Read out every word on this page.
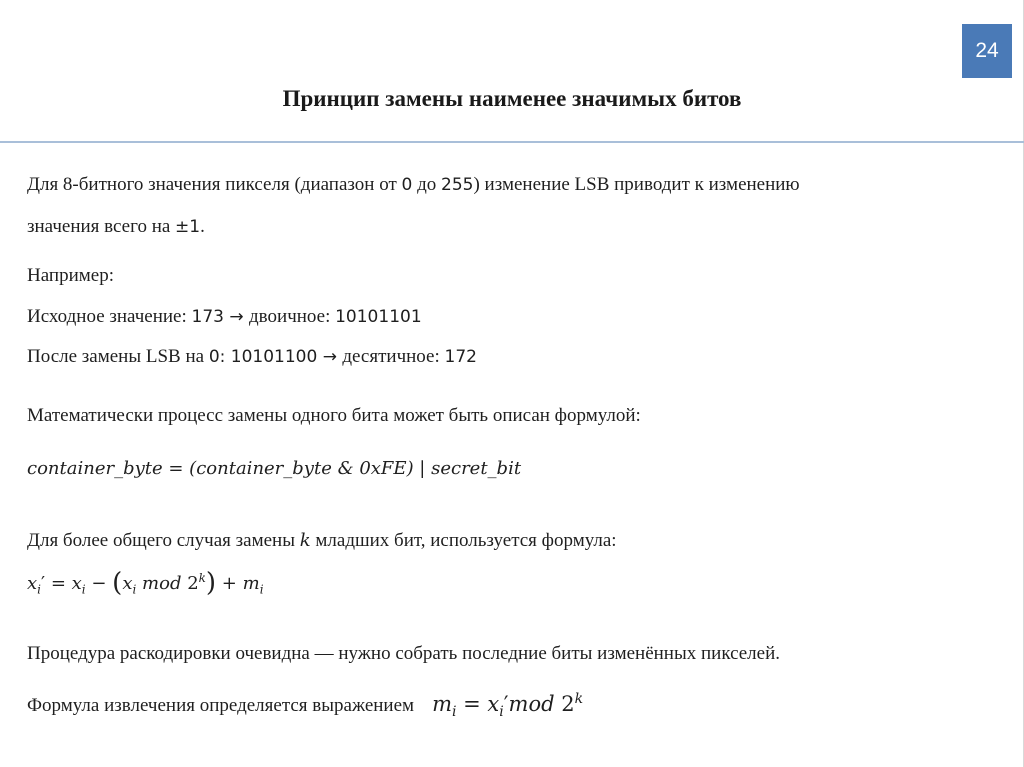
24
Принцип замены наименее значимых битов
Для 8-битного значения пикселя (диапазон от 0 до 255) изменение LSB приводит к изменению
значения всего на ±1.
Например:
Исходное значение: 173 → двоичное: 10101101
После замены LSB на 0: 10101100 → десятичное: 172
Математически процесс замены одного бита может быть описан формулой:
container_byte = (container_byte & 0xFE) | secret_bit
Для более общего случая замены k младших бит, используется формула:
$x_i' = x_i - (x_i$ mod $2^k) + m_i$
Процедура раскодировки очевидна — нужно собрать последние биты изменённых пикселей.
Формула извлечения определяется выражением $m_i = x_i'mod$ 2$^k$
